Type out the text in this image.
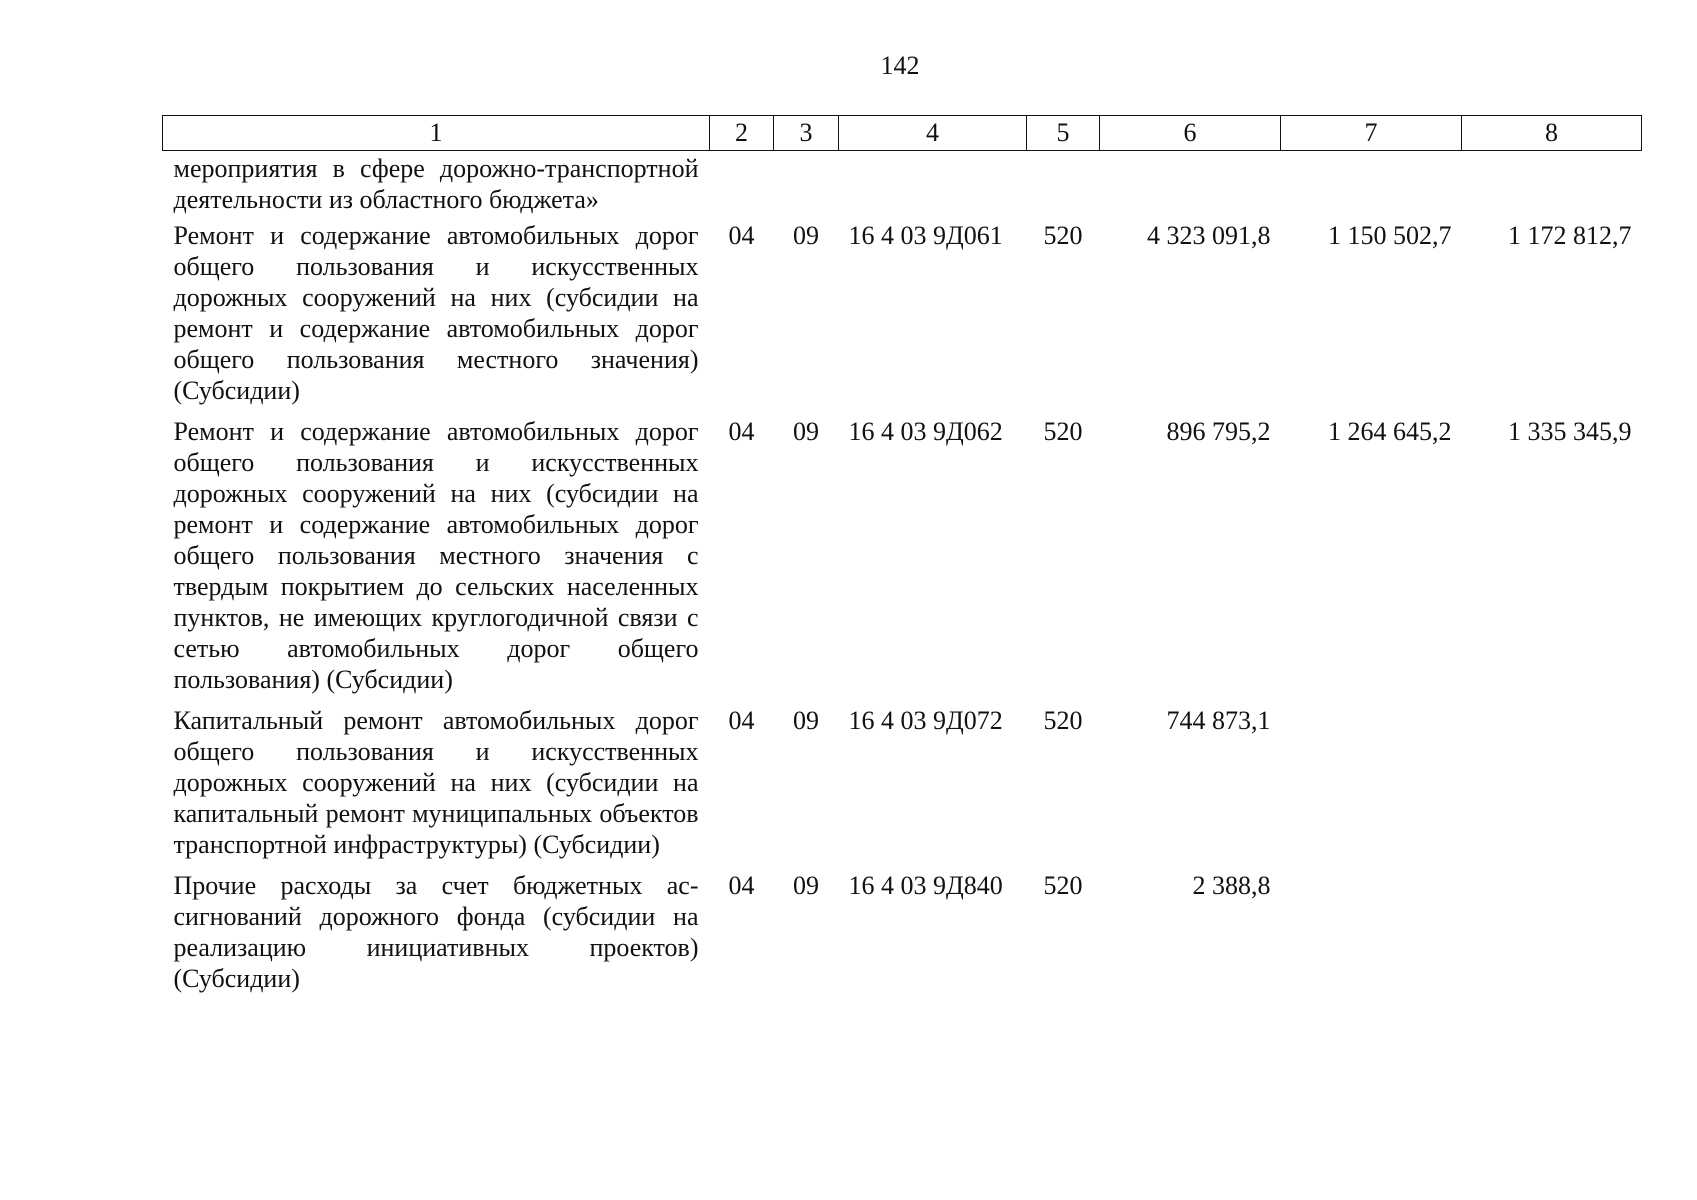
142
1	2	3	4	5	6	7	8
мероприятия в сфере дорожно-транспортной деятельности из областного бюджета»							
Ремонт и содержание автомобильных дорог общего пользования и искусственных дорожных сооружений на них (субсидии на ремонт и содержание автомобильных дорог общего пользования местного значения) (Субсидии)	04	09	16 4 03 9Д061	520	4 323 091,8	1 150 502,7	1 172 812,7
Ремонт и содержание автомобильных дорог общего пользования и искусственных дорожных сооружений на них (субсидии на ремонт и содержание автомобильных дорог общего пользования местного значения с твердым покрытием до сельских населенных пунктов, не имеющих круглогодичной связи с сетью автомобильных дорог общего пользования) (Субсидии)	04	09	16 4 03 9Д062	520	896 795,2	1 264 645,2	1 335 345,9
Капитальный ремонт автомобильных дорог общего пользования и искусственных дорожных сооружений на них (субсидии на капитальный ремонт муниципальных объектов транспортной инфраструктуры) (Субсидии)	04	09	16 4 03 9Д072	520	744 873,1		
Прочие расходы за счет бюджетных ассигнований дорожного фонда (субсидии на реализацию инициативных проектов) (Субсидии)	04	09	16 4 03 9Д840	520	2 388,8		
